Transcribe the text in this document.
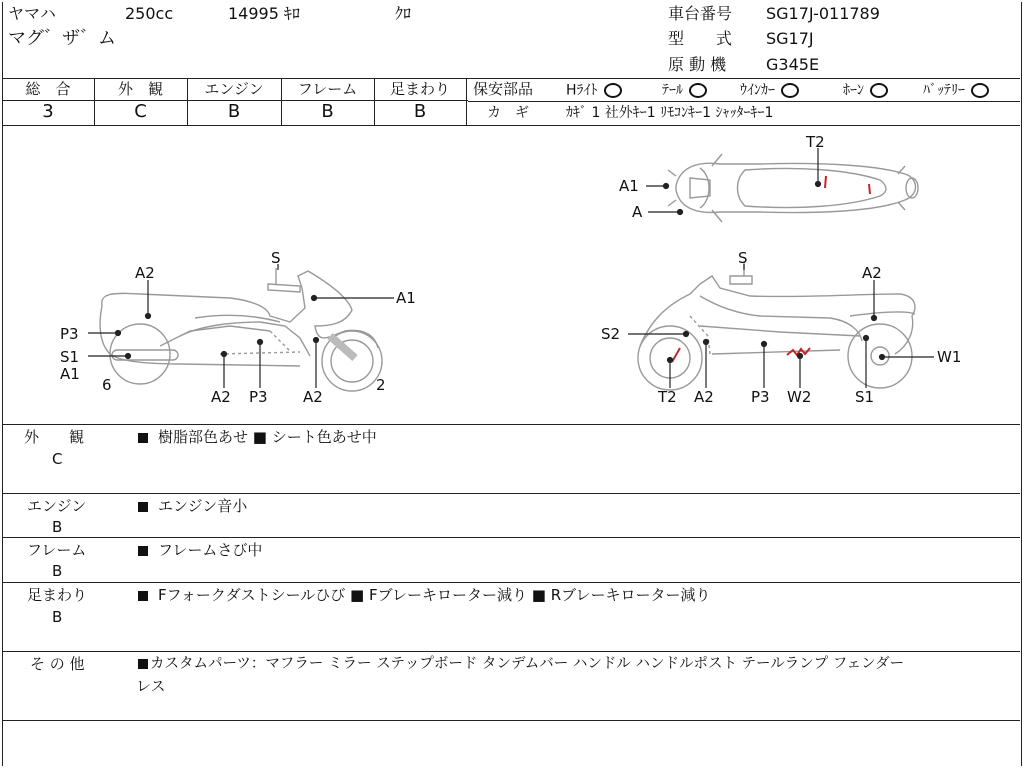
ヤマハ	250cc	14995 ｷﾛ	ｸﾛ
マグ゛ザ゛ム
車台番号 SG17J-011789
型　　式 SG17J
原 動 機 G345E
総　合	外　観	エンジン	フレーム	足まわり
3	C	B	B	B
保安部品 Hﾗｲﾄ	ﾃｰﾙ	ｳｲﾝｶｰ	ﾎｰﾝ	ﾊﾞｯﾃﾘｰ
カ　ギ	ｶｷﾞ 1 社外ｷｰ1 ﾘﾓｺﾝｷｰ1 ｼｬｯﾀｰｷｰ1
T2
A1
A
S
A2
A1
P3
S1
A1
6
A2 P3 A2
2
S
A2
S2
T2 A2 P3 W2	S1
W1
外　　観
C
樹脂部色あせ ■ シート色あせ中
エンジン
B
エンジン音小
フレーム
B
フレームさび中
足まわり
B
Fフォークダストシールひび ■ Fブレーキローター減り ■ Rブレーキローター減り
そ の 他	カスタムパーツ：マフラー ミラー ステップボード タンデムバー ハンドル ハンドルポスト テールランプ フェンダー
レス
